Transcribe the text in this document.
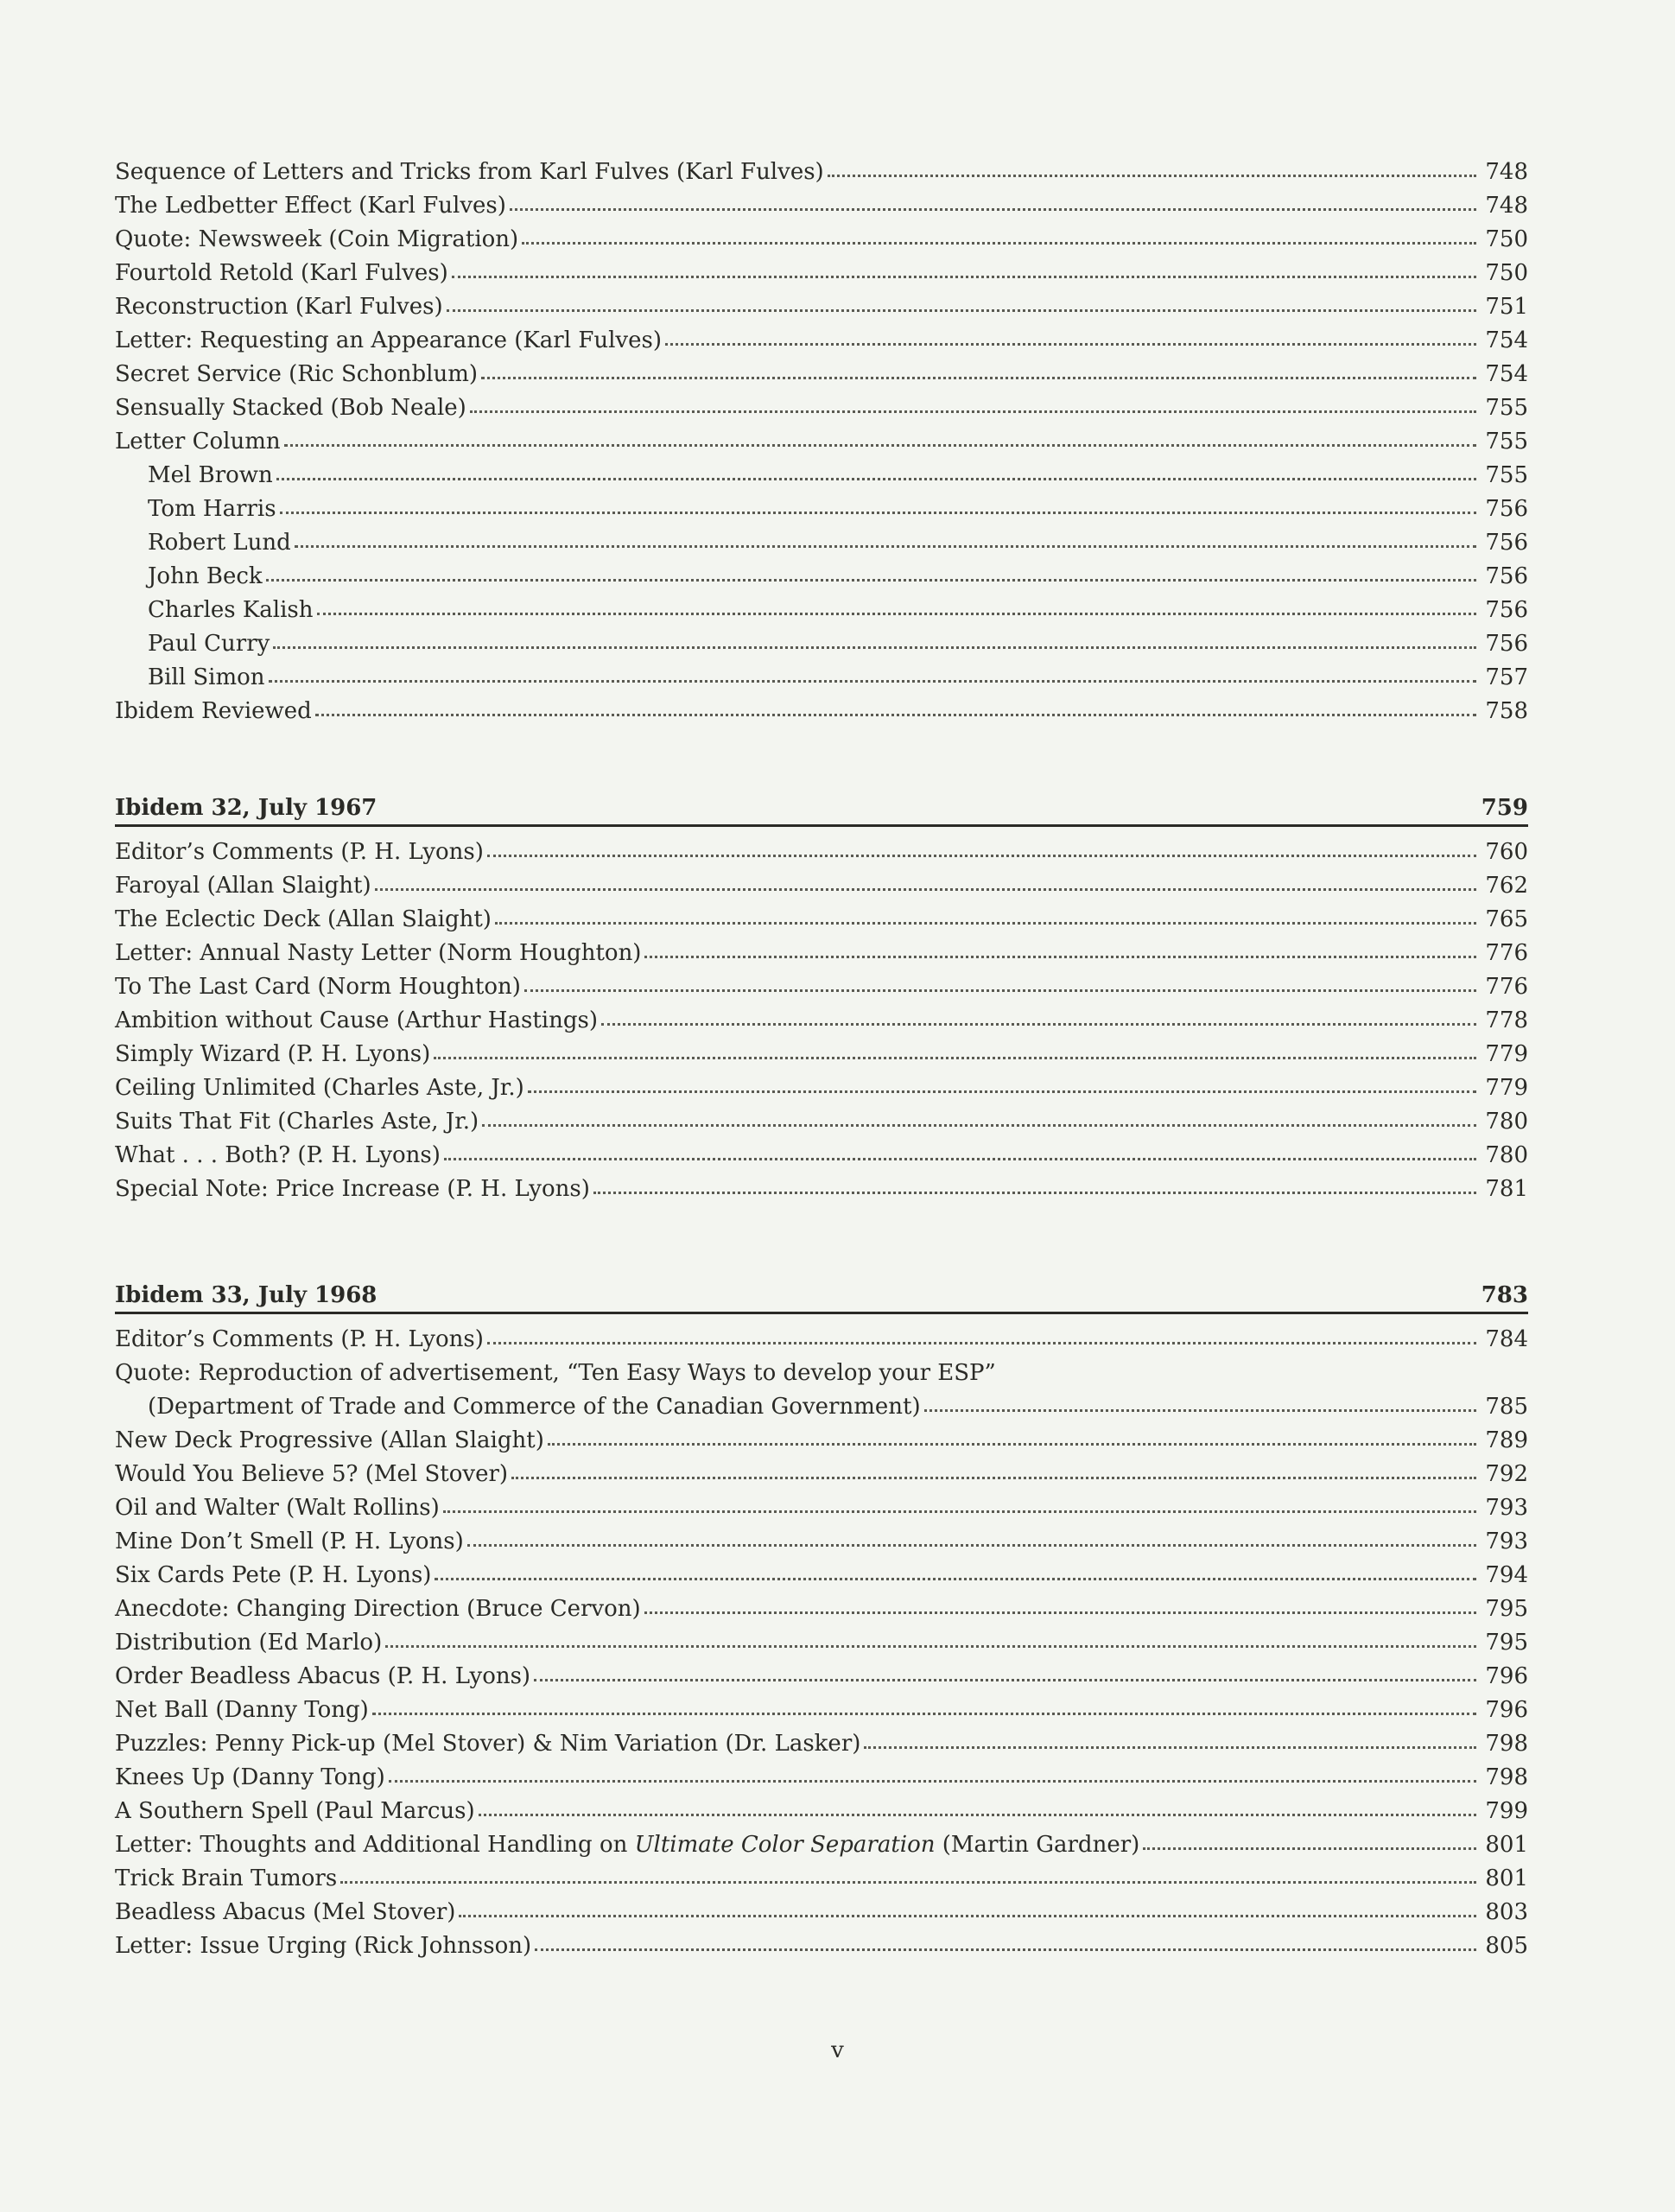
Sequence of Letters and Tricks from Karl Fulves (Karl Fulves)	748
The Ledbetter Effect (Karl Fulves)	748
Quote: Newsweek (Coin Migration)	750
Fourtold Retold (Karl Fulves)	750
Reconstruction (Karl Fulves)	751
Letter: Requesting an Appearance (Karl Fulves)	754
Secret Service (Ric Schonblum)	754
Sensually Stacked (Bob Neale)	755
Letter Column	755
Mel Brown	755
Tom Harris	756
Robert Lund	756
John Beck	756
Charles Kalish	756
Paul Curry	756
Bill Simon	757
Ibidem Reviewed	758
Ibidem 32, July 1967	759
Editor’s Comments (P. H. Lyons)	760
Faroyal (Allan Slaight)	762
The Eclectic Deck (Allan Slaight)	765
Letter: Annual Nasty Letter (Norm Houghton)	776
To The Last Card (Norm Houghton)	776
Ambition without Cause (Arthur Hastings)	778
Simply Wizard (P. H. Lyons)	779
Ceiling Unlimited (Charles Aste, Jr.)	779
Suits That Fit (Charles Aste, Jr.)	780
What . . . Both? (P. H. Lyons)	780
Special Note: Price Increase (P. H. Lyons)	781
Ibidem 33, July 1968	783
Editor’s Comments (P. H. Lyons)	784
Quote: Reproduction of advertisement, “Ten Easy Ways to develop your ESP”
(Department of Trade and Commerce of the Canadian Government)	785
New Deck Progressive (Allan Slaight)	789
Would You Believe 5? (Mel Stover)	792
Oil and Walter (Walt Rollins)	793
Mine Don’t Smell (P. H. Lyons)	793
Six Cards Pete (P. H. Lyons)	794
Anecdote: Changing Direction (Bruce Cervon)	795
Distribution (Ed Marlo)	795
Order Beadless Abacus (P. H. Lyons)	796
Net Ball (Danny Tong)	796
Puzzles: Penny Pick-up (Mel Stover) & Nim Variation (Dr. Lasker)	798
Knees Up (Danny Tong)	798
A Southern Spell (Paul Marcus)	799
Letter: Thoughts and Additional Handling on Ultimate Color Separation (Martin Gardner)	801
Trick Brain Tumors	801
Beadless Abacus (Mel Stover)	803
Letter: Issue Urging (Rick Johnsson)	805
v
